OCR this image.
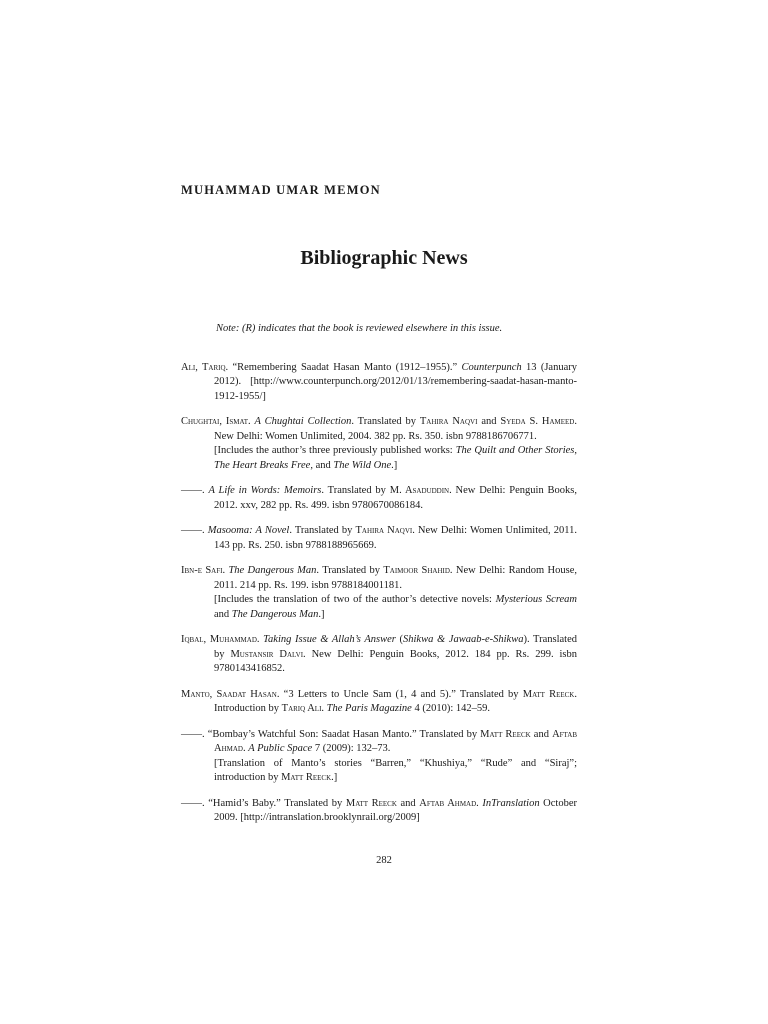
MUHAMMAD UMAR MEMON
Bibliographic News
Note: (R) indicates that the book is reviewed elsewhere in this issue.

Ali, Tariq. “Remembering Saadat Hasan Manto (1912–1955).” Counterpunch 13 (January 2012). [http://www.counterpunch.org/2012/01/13/remembering-saadat-hasan-manto-1912-1955/]

Chughtai, Ismat. A Chughtai Collection. Translated by Tahira Naqvi and Syeda S. Hameed. New Delhi: Women Unlimited, 2004. 382 pp. Rs. 350. isbn 9788186706771.
[Includes the author’s three previously published works: The Quilt and Other Stories, The Heart Breaks Free, and The Wild One.]

——. A Life in Words: Memoirs. Translated by M. Asaduddin. New Delhi: Penguin Books, 2012. xxv, 282 pp. Rs. 499. isbn 9780670086184.

——. Masooma: A Novel. Translated by Tahira Naqvi. New Delhi: Women Unlimited, 2011. 143 pp. Rs. 250. isbn 9788188965669.

Ibn-e Safi. The Dangerous Man. Translated by Taimoor Shahid. New Delhi: Random House, 2011. 214 pp. Rs. 199. isbn 9788184001181.
[Includes the translation of two of the author’s detective novels: Mysterious Scream and The Dangerous Man.]

Iqbal, Muhammad. Taking Issue & Allah’s Answer (Shikwa & Jawaab-e-Shikwa). Translated by Mustansir Dalvi. New Delhi: Penguin Books, 2012. 184 pp. Rs. 299. isbn 9780143416852.

Manto, Saadat Hasan. “3 Letters to Uncle Sam (1, 4 and 5).” Translated by Matt Reeck. Introduction by Tariq Ali. The Paris Magazine 4 (2010): 142–59.

——. “Bombay’s Watchful Son: Saadat Hasan Manto.” Translated by Matt Reeck and Aftab Ahmad. A Public Space 7 (2009): 132–73.
[Translation of Manto’s stories “Barren,” “Khushiya,” “Rude” and “Siraj”; introduction by Matt Reeck.]

——. “Hamid’s Baby.” Translated by Matt Reeck and Aftab Ahmad. InTranslation October 2009. [http://intranslation.brooklynrail.org/2009]

282
